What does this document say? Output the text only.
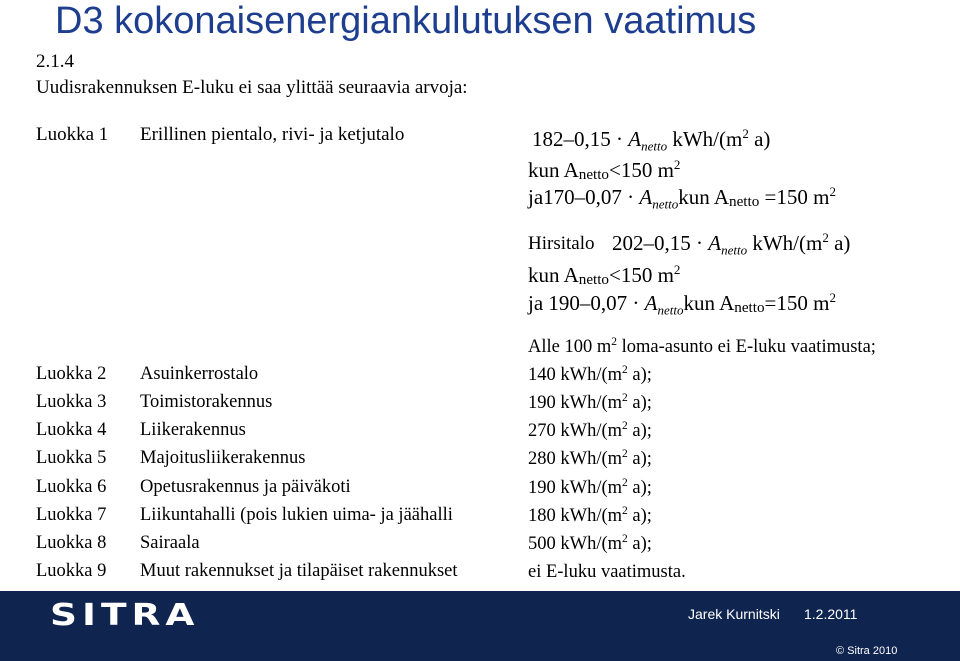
D3 kokonaisenergiankulutuksen vaatimus
2.1.4
Uudisrakennuksen E-luku ei saa ylittää seuraavia arvoja:
Luokka 1 Erillinen pientalo, rivi- ja ketjutalo	$182-0,15 \cdot A_{netto}$ kWh/($m^2$ a)
kun Anetto<150 $m^2$
$ja170-0,07 \cdot A_{netto}kun$ Anetto =150 $m^2$
Hirsitalo $202-0,15 \cdot A_{netto}$ kWh/($m^2$ a)
kun Anetto<150 $m^2$
ja $190-0,07 \cdot A_{netto}kun$ Anetto=150 $m^2$
Alle 100 $m^2$ loma-asunto ei E-luku vaatimusta;
Luokka 2 Asuinkerrostalo	140 kWh/($m^2$ a);
Luokka 3 Toimistorakennus	190 kWh/($m^2$ a);
Luokka 4 Liikerakennus	270 kWh/($m^2$ a);
Luokka 5 Majoitusliikerakennus	280 kWh/($m^2$ a);
Luokka 6 Opetusrakennus ja päiväkoti	190 kWh/($m^2$ a);
Luokka 7 Liikuntahalli (pois lukien uima- ja jäähalli	180 kWh/($m^2$ a);
Luokka 8 Sairaala	500 kWh/($m^2$ a);
Luokka 9 Muut rakennukset ja tilapäiset rakennukset	ei E-luku vaatimusta.
SITRA	Jarek Kurnitski 1.2.2011
© Sitra 2010
